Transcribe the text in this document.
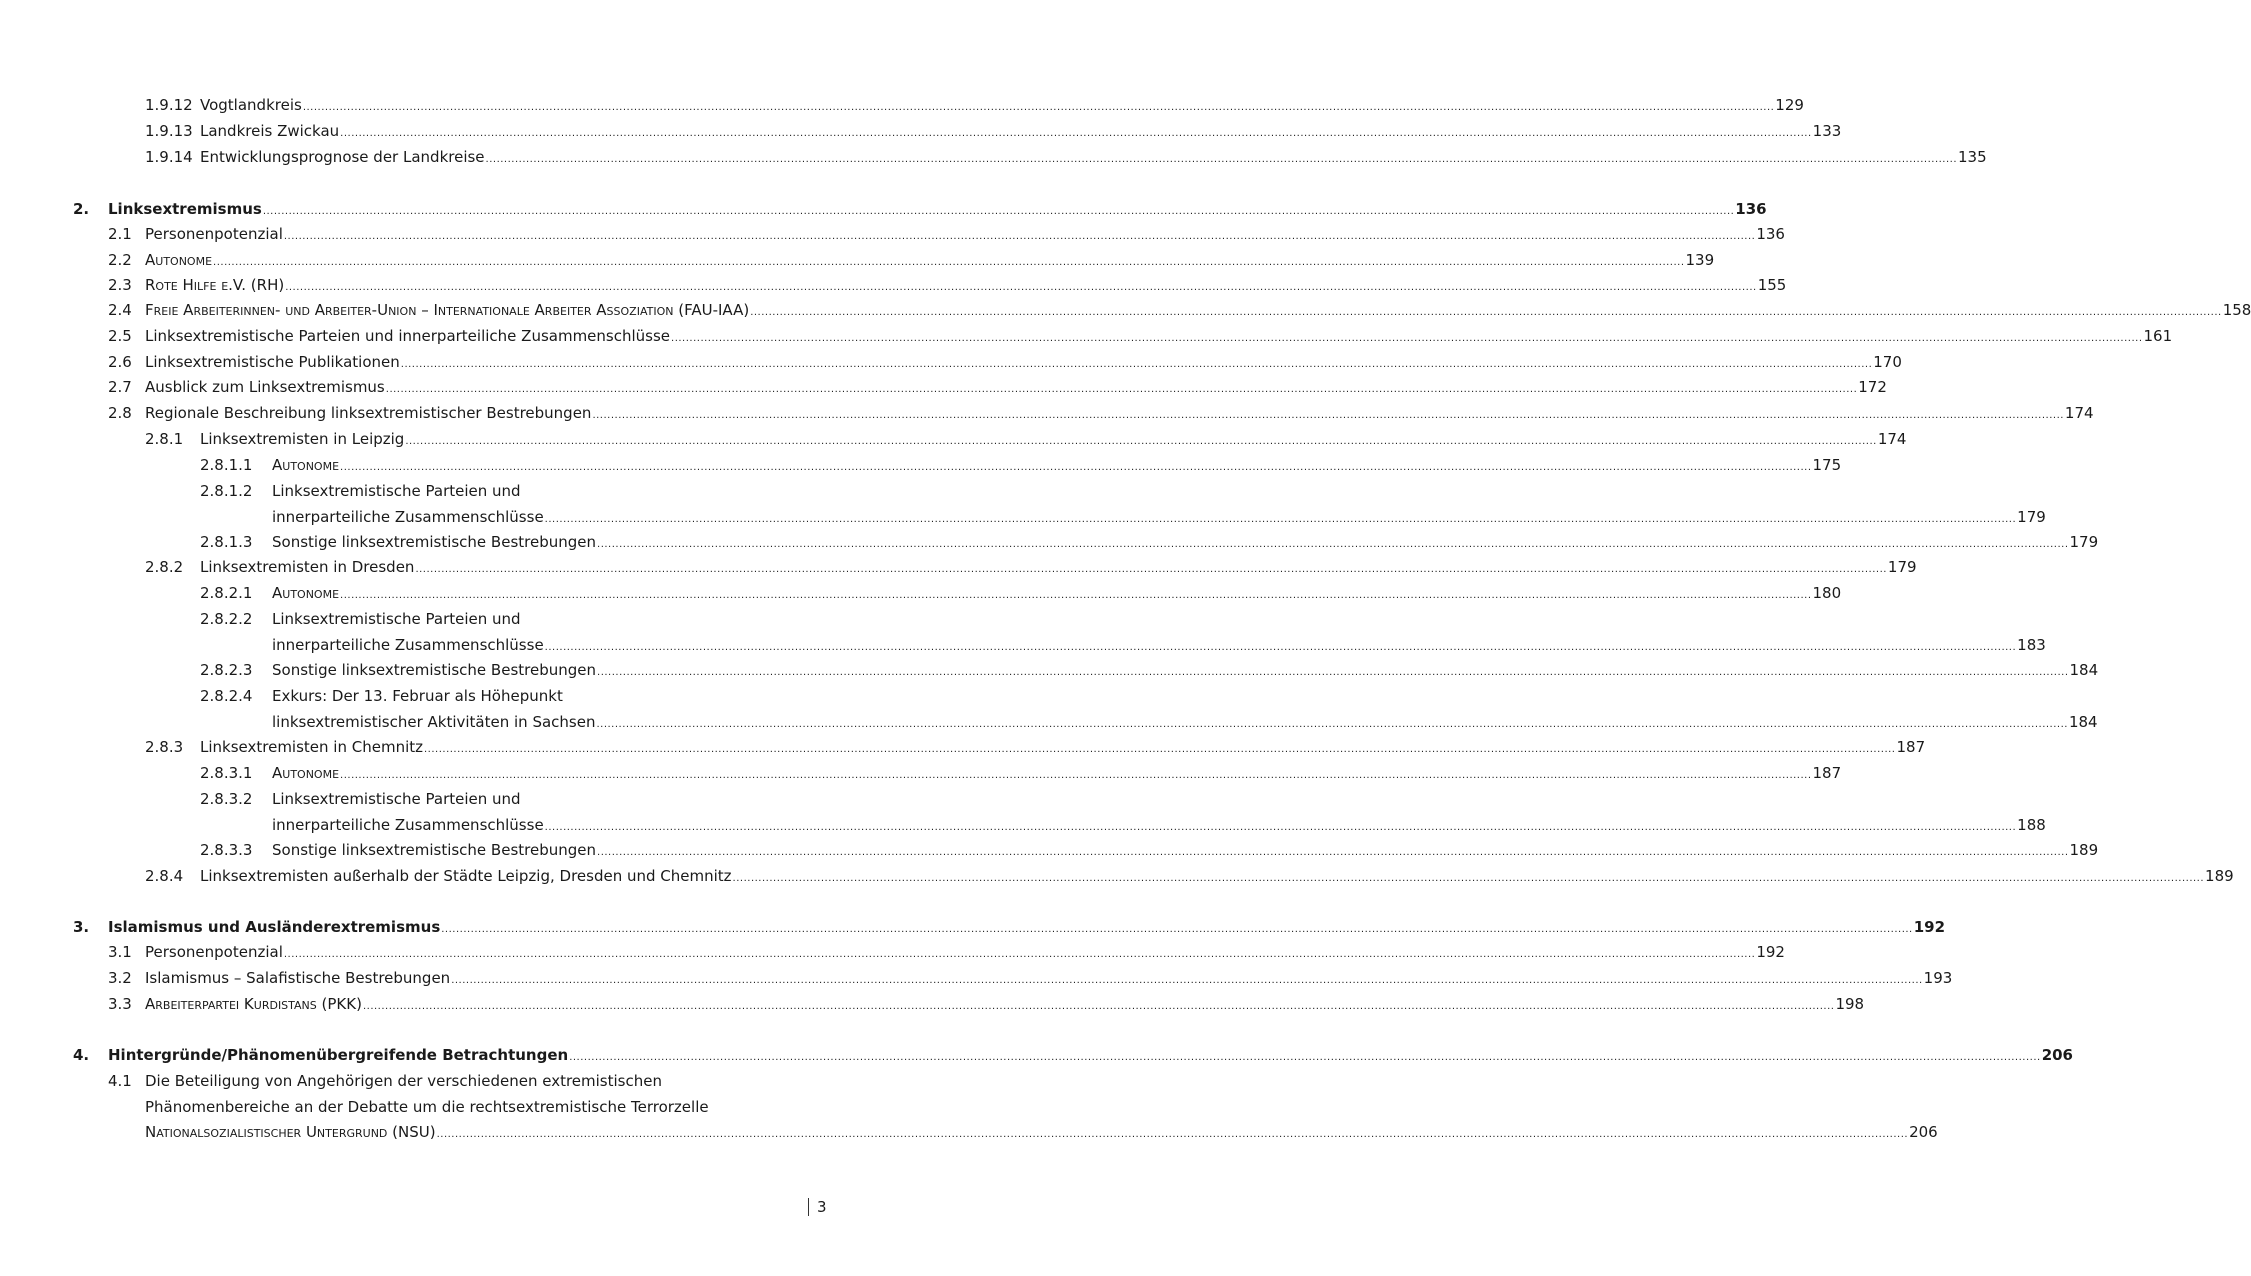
1.9.12 Vogtlandkreis ................................................................................................................................................................................................................................................................................................................................................................................................................ 129
1.9.13 Landkreis Zwickau ................................................................................................................................................................................................................................................................................................................................................................................................................ 133
1.9.14 Entwicklungsprognose der Landkreise ................................................................................................................................................................................................................................................................................................................................................................................................................ 135
2. Linksextremismus ................................................................................................................................................................................................................................................................................................................................................................................................................ 136
2.1 Personenpotenzial ................................................................................................................................................................................................................................................................................................................................................................................................................ 136
2.2 Autonome ................................................................................................................................................................................................................................................................................................................................................................................................................ 139
2.3 Rote Hilfe e.V. (RH) ................................................................................................................................................................................................................................................................................................................................................................................................................ 155
2.4 Freie Arbeiterinnen- und Arbeiter-Union – Internationale Arbeiter Assoziation (FAU-IAA) ................................................................................................................................................................................................................................................................................................................................................................................................................ 158
2.5 Linksextremistische Parteien und innerparteiliche Zusammenschlüsse ................................................................................................................................................................................................................................................................................................................................................................................................................ 161
2.6 Linksextremistische Publikationen ................................................................................................................................................................................................................................................................................................................................................................................................................ 170
2.7 Ausblick zum Linksextremismus ................................................................................................................................................................................................................................................................................................................................................................................................................ 172
2.8 Regionale Beschreibung linksextremistischer Bestrebungen ................................................................................................................................................................................................................................................................................................................................................................................................................ 174
2.8.1 Linksextremisten in Leipzig ................................................................................................................................................................................................................................................................................................................................................................................................................ 174
2.8.1.1 Autonome ................................................................................................................................................................................................................................................................................................................................................................................................................ 175
2.8.1.2 Linksextremistische Parteien und
innerparteiliche Zusammenschlüsse ................................................................................................................................................................................................................................................................................................................................................................................................................ 179
2.8.1.3 Sonstige linksextremistische Bestrebungen ................................................................................................................................................................................................................................................................................................................................................................................................................ 179
2.8.2 Linksextremisten in Dresden ................................................................................................................................................................................................................................................................................................................................................................................................................ 179
2.8.2.1 Autonome ................................................................................................................................................................................................................................................................................................................................................................................................................ 180
2.8.2.2 Linksextremistische Parteien und
innerparteiliche Zusammenschlüsse ................................................................................................................................................................................................................................................................................................................................................................................................................ 183
2.8.2.3 Sonstige linksextremistische Bestrebungen ................................................................................................................................................................................................................................................................................................................................................................................................................ 184
2.8.2.4 Exkurs: Der 13. Februar als Höhepunkt
linksextremistischer Aktivitäten in Sachsen ................................................................................................................................................................................................................................................................................................................................................................................................................ 184
2.8.3 Linksextremisten in Chemnitz ................................................................................................................................................................................................................................................................................................................................................................................................................ 187
2.8.3.1 Autonome ................................................................................................................................................................................................................................................................................................................................................................................................................ 187
2.8.3.2 Linksextremistische Parteien und
innerparteiliche Zusammenschlüsse ................................................................................................................................................................................................................................................................................................................................................................................................................ 188
2.8.3.3 Sonstige linksextremistische Bestrebungen ................................................................................................................................................................................................................................................................................................................................................................................................................ 189
2.8.4 Linksextremisten außerhalb der Städte Leipzig, Dresden und Chemnitz ................................................................................................................................................................................................................................................................................................................................................................................................................ 189
3. Islamismus und Ausländerextremismus ................................................................................................................................................................................................................................................................................................................................................................................................................ 192
3.1 Personenpotenzial ................................................................................................................................................................................................................................................................................................................................................................................................................ 192
3.2 Islamismus – Salafistische Bestrebungen ................................................................................................................................................................................................................................................................................................................................................................................................................ 193
3.3 Arbeiterpartei Kurdistans (PKK) ................................................................................................................................................................................................................................................................................................................................................................................................................ 198
4. Hintergründe/Phänomenübergreifende Betrachtungen ................................................................................................................................................................................................................................................................................................................................................................................................................ 206
4.1 Die Beteiligung von Angehörigen der verschiedenen extremistischen
Phänomenbereiche an der Debatte um die rechtsextremistische Terrorzelle
Nationalsozialistischer Untergrund (NSU) ................................................................................................................................................................................................................................................................................................................................................................................................................ 206
3
